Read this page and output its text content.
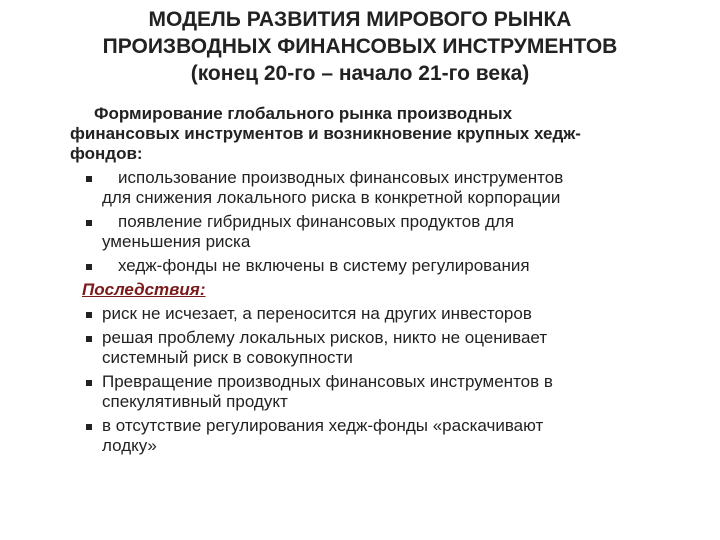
МОДЕЛЬ РАЗВИТИЯ МИРОВОГО РЫНКА
ПРОИЗВОДНЫХ ФИНАНСОВЫХ ИНСТРУМЕНТОВ
(конец 20-го – начало 21-го века)
Формирование глобального рынка производных
финансовых инструментов и возникновение крупных хедж-
фондов:
использование производных финансовых инструментов
для снижения локального риска в конкретной корпорации
появление гибридных финансовых продуктов для
уменьшения риска
хедж-фонды не включены в систему регулирования
Последствия:
риск не исчезает, а переносится на других инвесторов
решая проблему локальных рисков, никто не оценивает
системный риск в совокупности
Превращение производных финансовых инструментов в
спекулятивный продукт
в отсутствие регулирования хедж-фонды «раскачивают
лодку»
